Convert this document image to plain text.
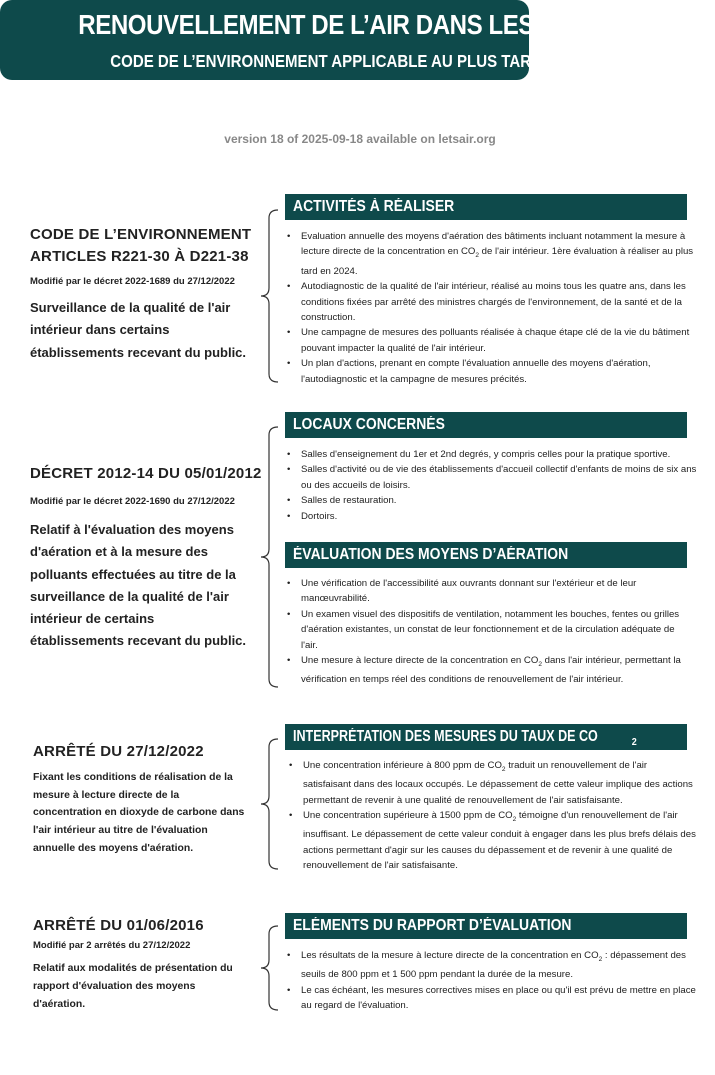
RENOUVELLEMENT DE L’AIR DANS LES ÉCOLES
CODE DE L’ENVIRONNEMENT APPLICABLE AU PLUS TARD EN 2024
version 18 of 2025-09-18 available on letsair.org
CODE DE L’ENVIRONNEMENT
ARTICLES R221-30 À D221-38
Modifié par le décret 2022-1689 du 27/12/2022
Surveillance de la qualité de l'air
intérieur dans certains
établissements recevant du public.
DÉCRET 2012-14 DU 05/01/2012
Modifié par le décret 2022-1690 du 27/12/2022
Relatif à l'évaluation des moyens
d'aération et à la mesure des
polluants effectuées au titre de la
surveillance de la qualité de l'air
intérieur de certains
établissements recevant du public.
ARRÊTÉ DU 27/12/2022
Fixant les conditions de réalisation de la
mesure à lecture directe de la
concentration en dioxyde de carbone dans
l'air intérieur au titre de l'évaluation
annuelle des moyens d'aération.
ARRÊTÉ DU 01/06/2016
Modifié par 2 arrêtés du 27/12/2022
Relatif aux modalités de présentation du
rapport d'évaluation des moyens
d'aération.
ACTIVITÉS À RÉALISER
• Evaluation annuelle des moyens d'aération des bâtiments incluant notamment la mesure à
lecture directe de la concentration en $CO_2$ de l'air intérieur. 1ère évaluation à réaliser au plus
tard en 2024.
• Autodiagnostic de la qualité de l'air intérieur, réalisé au moins tous les quatre ans, dans les
conditions fixées par arrêté des ministres chargés de l'environnement, de la santé et de la
construction.
• Une campagne de mesures des polluants réalisée à chaque étape clé de la vie du bâtiment
pouvant impacter la qualité de l'air intérieur.
• Un plan d'actions, prenant en compte l'évaluation annuelle des moyens d'aération,
l'autodiagnostic et la campagne de mesures précités.
LOCAUX CONCERNÉS
• Salles d'enseignement du 1er et 2nd degrés, y compris celles pour la pratique sportive.
• Salles d'activité ou de vie des établissements d'accueil collectif d'enfants de moins de six ans
ou des accueils de loisirs.
• Salles de restauration.
• Dortoirs.
ÉVALUATION DES MOYENS D’AÉRATION
• Une vérification de l'accessibilité aux ouvrants donnant sur l'extérieur et de leur
manœuvrabilité.
• Un examen visuel des dispositifs de ventilation, notamment les bouches, fentes ou grilles
d'aération existantes, un constat de leur fonctionnement et de la circulation adéquate de
l'air.
• Une mesure à lecture directe de la concentration en $CO_2$ dans l'air intérieur, permettant la
vérification en temps réel des conditions de renouvellement de l'air intérieur.
INTERPRÉTATION DES MESURES DU TAUX DE CO	$_2$
• Une concentration inférieure à 800 ppm de $CO_2$ traduit un renouvellement de l'air
satisfaisant dans des locaux occupés. Le dépassement de cette valeur implique des actions
permettant de revenir à une qualité de renouvellement de l'air satisfaisante.
• Une concentration supérieure à 1500 ppm de $CO_2$ témoigne d'un renouvellement de l'air
insuffisant. Le dépassement de cette valeur conduit à engager dans les plus brefs délais des
actions permettant d'agir sur les causes du dépassement et de revenir à une qualité de
renouvellement de l'air satisfaisante.
ELÉMENTS DU RAPPORT D’ÉVALUATION
• Les résultats de la mesure à lecture directe de la concentration en $CO_2$ : dépassement des
seuils de 800 ppm et 1 500 ppm pendant la durée de la mesure.
• Le cas échéant, les mesures correctives mises en place ou qu'il est prévu de mettre en place
au regard de l'évaluation.
